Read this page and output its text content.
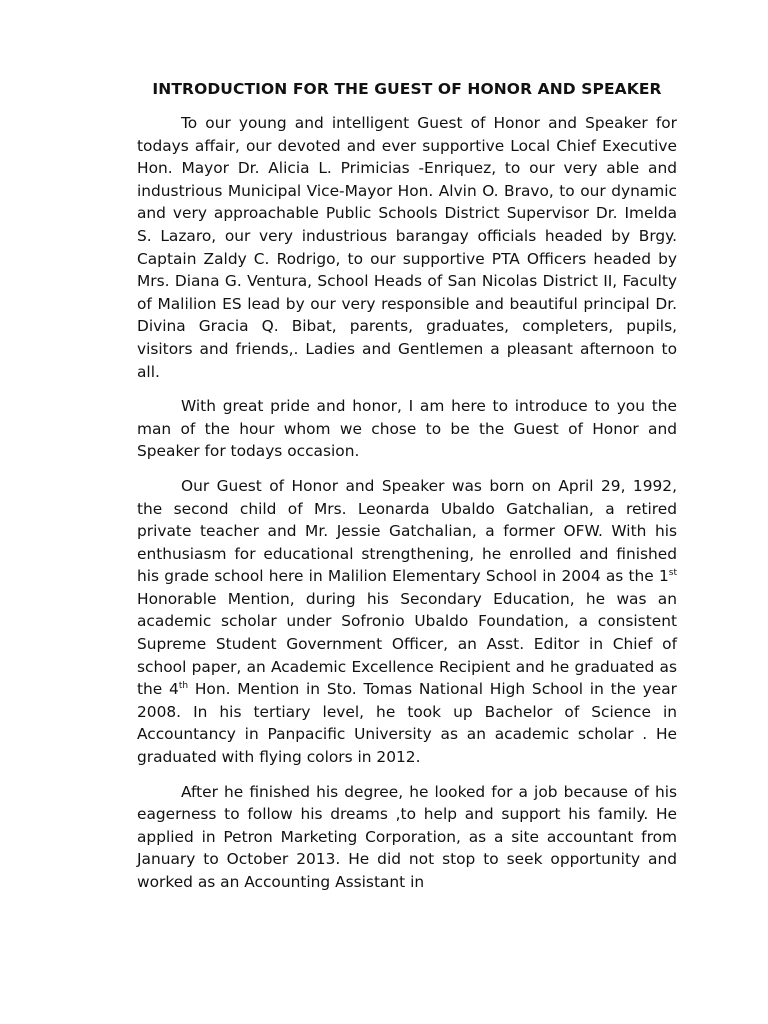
INTRODUCTION FOR THE GUEST OF HONOR AND SPEAKER

To our young and intelligent Guest of Honor and Speaker for todays affair, our devoted and ever supportive Local Chief Executive Hon. Mayor Dr. Alicia L. Primicias -Enriquez, to our very able and industrious Municipal Vice-Mayor Hon. Alvin O. Bravo, to our dynamic and very approachable Public Schools District Supervisor Dr. Imelda S. Lazaro, our very industrious barangay officials headed by Brgy. Captain Zaldy C. Rodrigo, to our supportive PTA Officers headed by Mrs. Diana G. Ventura, School Heads of San Nicolas District II, Faculty of Malilion ES lead by our very responsible and beautiful principal Dr. Divina Gracia Q. Bibat, parents, graduates, completers, pupils, visitors and friends,. Ladies and Gentlemen a pleasant afternoon to all.

With great pride and honor, I am here to introduce to you the man of the hour whom we chose to be the Guest of Honor and Speaker for todays occasion.

Our Guest of Honor and Speaker was born on April 29, 1992, the second child of Mrs. Leonarda Ubaldo Gatchalian, a retired private teacher and Mr. Jessie Gatchalian, a former OFW. With his enthusiasm for educational strengthening, he enrolled and finished his grade school here in Malilion Elementary School in 2004 as the 1st Honorable Mention, during his Secondary Education, he was an academic scholar under Sofronio Ubaldo Foundation, a consistent Supreme Student Government Officer, an Asst. Editor in Chief of school paper, an Academic Excellence Recipient and he graduated as the 4th Hon. Mention in Sto. Tomas National High School in the year 2008. In his tertiary level, he took up Bachelor of Science in Accountancy in Panpacific University as an academic scholar . He graduated with flying colors in 2012.

After he finished his degree, he looked for a job because of his eagerness to follow his dreams ,to help and support his family. He applied in Petron Marketing Corporation, as a site accountant from January to October 2013. He did not stop to seek opportunity and worked as an Accounting Assistant in
